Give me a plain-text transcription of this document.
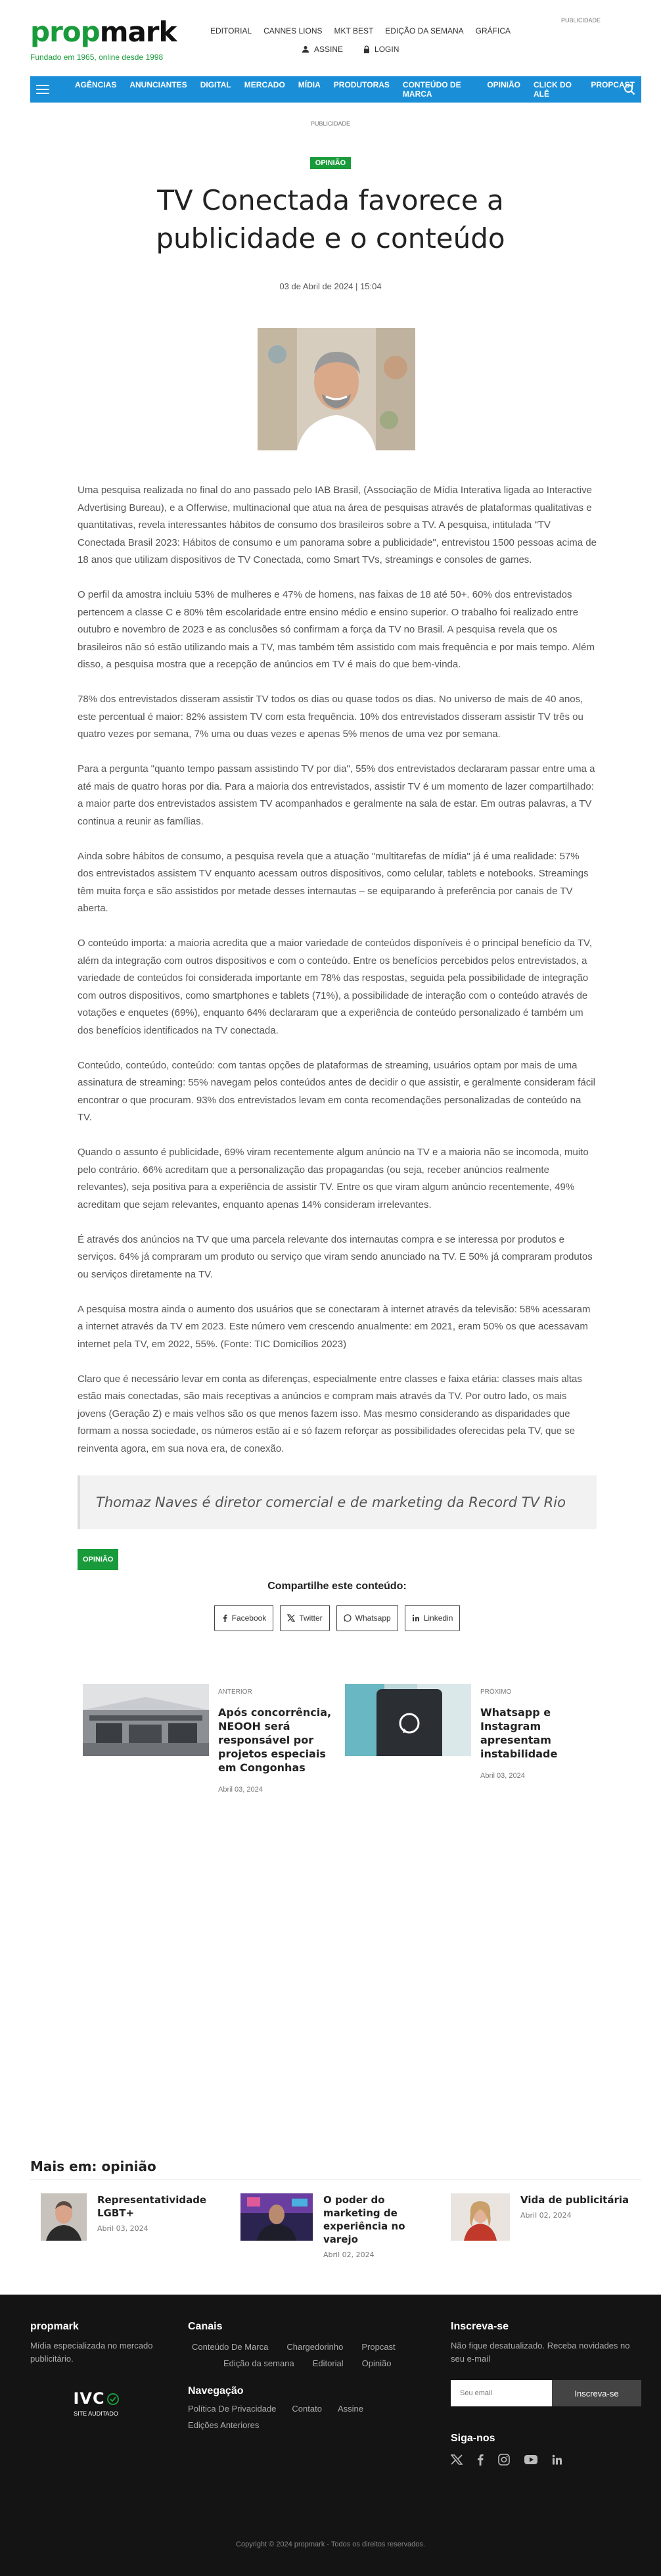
propmark
Fundado em 1965, online desde 1998
EDITORIAL CANNES LIONS MKT BEST EDIÇÃO DA SEMANA GRÁFICA
ASSINE	LOGIN
PUBLICIDADE
AGÊNCIAS	ANUNCIANTES	DIGITAL	MERCADO	MÍDIA	PRODUTORAS	CONTEÚDO DE MARCA
OPINIÃO	CLICK DO ALÊ
PROPCAST
PUBLICIDADE
OPINIÃO
TV Conectada favorece a publicidade e o conteúdo
03 de Abril de 2024 | 15:04

Uma pesquisa realizada no final do ano passado pelo IAB Brasil, (Associação de Mídia Interativa ligada ao Interactive Advertising Bureau), e a Offerwise, multinacional que atua na área de pesquisas através de plataformas qualitativas e quantitativas, revela interessantes hábitos de consumo dos brasileiros sobre a TV. A pesquisa, intitulada "TV Conectada Brasil 2023: Hábitos de consumo e um panorama sobre a publicidade", entrevistou 1500 pessoas acima de 18 anos que utilizam dispositivos de TV Conectada, como Smart TVs, streamings e consoles de games.

O perfil da amostra incluiu 53% de mulheres e 47% de homens, nas faixas de 18 até 50+. 60% dos entrevistados pertencem a classe C e 80% têm escolaridade entre ensino médio e ensino superior. O trabalho foi realizado entre outubro e novembro de 2023 e as conclusões só confirmam a força da TV no Brasil. A pesquisa revela que os brasileiros não só estão utilizando mais a TV, mas também têm assistido com mais frequência e por mais tempo. Além disso, a pesquisa mostra que a recepção de anúncios em TV é mais do que bem-vinda.

78% dos entrevistados disseram assistir TV todos os dias ou quase todos os dias. No universo de mais de 40 anos, este percentual é maior: 82% assistem TV com esta frequência. 10% dos entrevistados disseram assistir TV três ou quatro vezes por semana, 7% uma ou duas vezes e apenas 5% menos de uma vez por semana.

Para a pergunta "quanto tempo passam assistindo TV por dia", 55% dos entrevistados declararam passar entre uma a até mais de quatro horas por dia. Para a maioria dos entrevistados, assistir TV é um momento de lazer compartilhado: a maior parte dos entrevistados assistem TV acompanhados e geralmente na sala de estar. Em outras palavras, a TV continua a reunir as famílias.

Ainda sobre hábitos de consumo, a pesquisa revela que a atuação "multitarefas de mídia" já é uma realidade: 57% dos entrevistados assistem TV enquanto acessam outros dispositivos, como celular, tablets e notebooks. Streamings têm muita força e são assistidos por metade desses internautas – se equiparando à preferência por canais de TV aberta.

O conteúdo importa: a maioria acredita que a maior variedade de conteúdos disponíveis é o principal benefício da TV, além da integração com outros dispositivos e com o conteúdo. Entre os benefícios percebidos pelos entrevistados, a variedade de conteúdos foi considerada importante em 78% das respostas, seguida pela possibilidade de integração com outros dispositivos, como smartphones e tablets (71%), a possibilidade de interação com o conteúdo através de votações e enquetes (69%), enquanto 64% declararam que a experiência de conteúdo personalizado é também um dos benefícios identificados na TV conectada.

Conteúdo, conteúdo, conteúdo: com tantas opções de plataformas de streaming, usuários optam por mais de uma assinatura de streaming: 55% navegam pelos conteúdos antes de decidir o que assistir, e geralmente consideram fácil encontrar o que procuram. 93% dos entrevistados levam em conta recomendações personalizadas de conteúdo na TV.

Quando o assunto é publicidade, 69% viram recentemente algum anúncio na TV e a maioria não se incomoda, muito pelo contrário. 66% acreditam que a personalização das propagandas (ou seja, receber anúncios realmente relevantes), seja positiva para a experiência de assistir TV. Entre os que viram algum anúncio recentemente, 49% acreditam que sejam relevantes, enquanto apenas 14% consideram irrelevantes.

É através dos anúncios na TV que uma parcela relevante dos internautas compra e se interessa por produtos e serviços. 64% já compraram um produto ou serviço que viram sendo anunciado na TV. E 50% já compraram produtos ou serviços diretamente na TV.

A pesquisa mostra ainda o aumento dos usuários que se conectaram à internet através da televisão: 58% acessaram a internet através da TV em 2023. Este número vem crescendo anualmente: em 2021, eram 50% os que acessavam internet pela TV, em 2022, 55%. (Fonte: TIC Domicílios 2023)

Claro que é necessário levar em conta as diferenças, especialmente entre classes e faixa etária: classes mais altas estão mais conectadas, são mais receptivas a anúncios e compram mais através da TV. Por outro lado, os mais jovens (Geração Z) e mais velhos são os que menos fazem isso. Mas mesmo considerando as disparidades que formam a nossa sociedade, os números estão aí e só fazem reforçar as possibilidades oferecidas pela TV, que se reinventa agora, em sua nova era, de conexão.

Thomaz Naves é diretor comercial e de marketing da Record TV Rio
OPINIÃO
Compartilhe este conteúdo:
Facebook	Twitter	Whatsapp	Linkedin
ANTERIOR
Após concorrência, NEOOH será responsável por projetos especiais em Congonhas
Abril 03, 2024
PRÓXIMO
Whatsapp e Instagram apresentam instabilidade
Abril 03, 2024
Mais em: opinião
Representatividade LGBT+
Abril 03, 2024
O poder do marketing de experiência no varejo
Abril 02, 2024
Vida de publicitária
Abril 02, 2024
propmark
Mídia especializada no mercado publicitário.
IVC
SITE AUDITADO
Canais
Conteúdo De Marca Chargedorinho Propcast
Edição da semana Editorial Opinião
Navegação
Política De Privacidade Contato Assine
Edições Anteriores
Inscreva-se
Não fique desatualizado. Receba novidades no seu e-mail
Seu email
Inscreva-se
Siga-nos
Copyright © 2024 propmark - Todos os direitos reservados.
